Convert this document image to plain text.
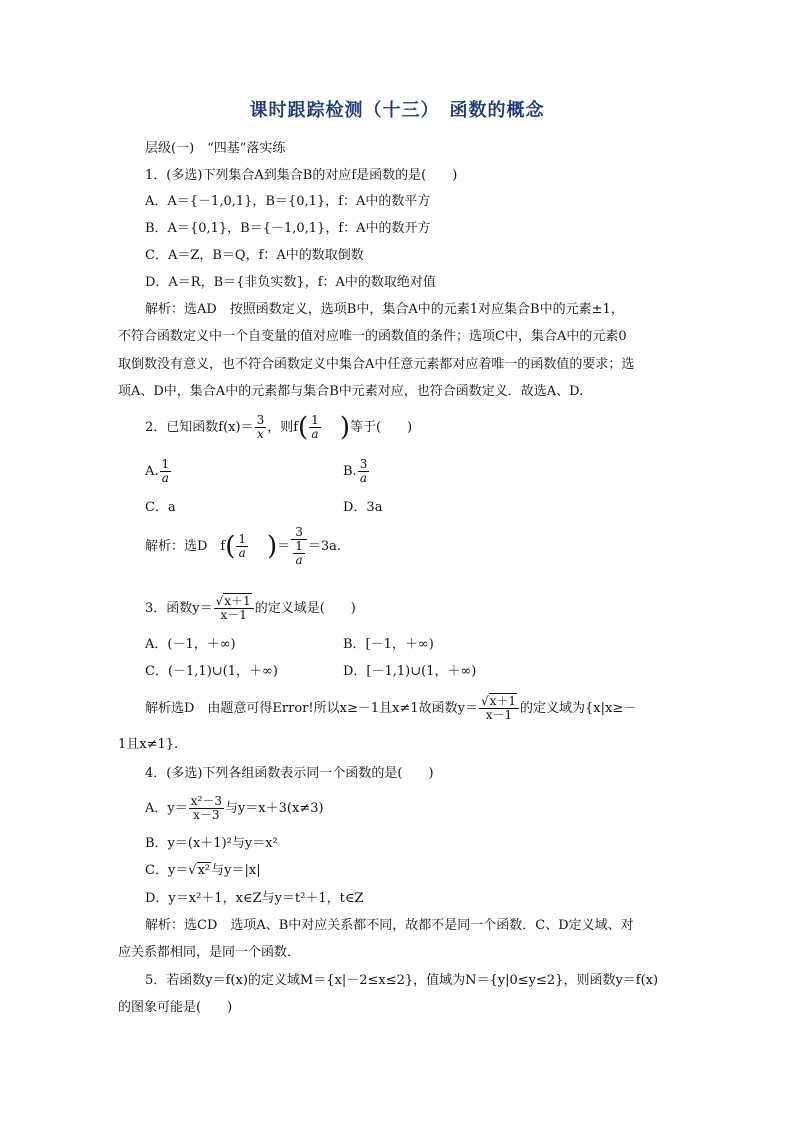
课时跟踪检测（十三）　函数的概念
层级(一)　“四基”落实练
1．(多选)下列集合A到集合B的对应f是函数的是(　　)
A．A＝{－1,0,1}，B＝{0,1}，f：A中的数平方
B．A＝{0,1}，B＝{－1,0,1}，f：A中的数开方
C．A＝Z，B＝Q，f：A中的数取倒数
D．A＝R，B＝{非负实数}，f：A中的数取绝对值
解析：选AD　按照函数定义，选项B中，集合A中的元素1对应集合B中的元素±1，
不符合函数定义中一个自变量的值对应唯一的函数值的条件；选项C中，集合A中的元素0
取倒数没有意义，也不符合函数定义中集合A中任意元素都对应着唯一的函数值的要求；选
项A、D中，集合A中的元素都与集合B中元素对应，也符合函数定义．故选A、D.
2．已知函数$f(x)= \frac{3}{x}$ ，则$f( \frac{1}{a}$ )等于(　　)
A. $\frac{1}{a}$	B. $\frac{3}{a}$
C．a	D．3a
解析：选D　$f( \frac{1}{a}$ )＝ $\frac{3}{\frac{1}{a}} =3a$.
3．函数$y= \frac{√x+1}{x-1}$ 的定义域是(　　)
A．(－1，＋∞)	B．[－1，＋∞)
C．(－1,1)∪(1，＋∞)	D．[－1,1)∪(1，＋∞)
解析选D　由题意可得Error!所以x≥－1且x≠1故函数$y= \frac{√x+1}{x-1}$ 的定义域为{x|x≥－
1且x≠1}.
4．(多选)下列各组函数表示同一个函数的是(　　)
A．$y= \frac{\text{x²－3}}{x-3}$ 与y＝x＋3(x≠3)
B．y＝(x＋1)²与y＝x²
C．y＝√x²与y＝|x|
D．y＝x²＋1，x∈Z与y＝t²＋1，t∈Z
解析：选CD　选项A、B中对应关系都不同，故都不是同一个函数．C、D定义域、对
应关系都相同，是同一个函数．
5．若函数y＝f(x)的定义域M＝{x|－2≤x≤2}，值域为N＝{y|0≤y≤2}，则函数y＝f(x)
的图象可能是(　　)
